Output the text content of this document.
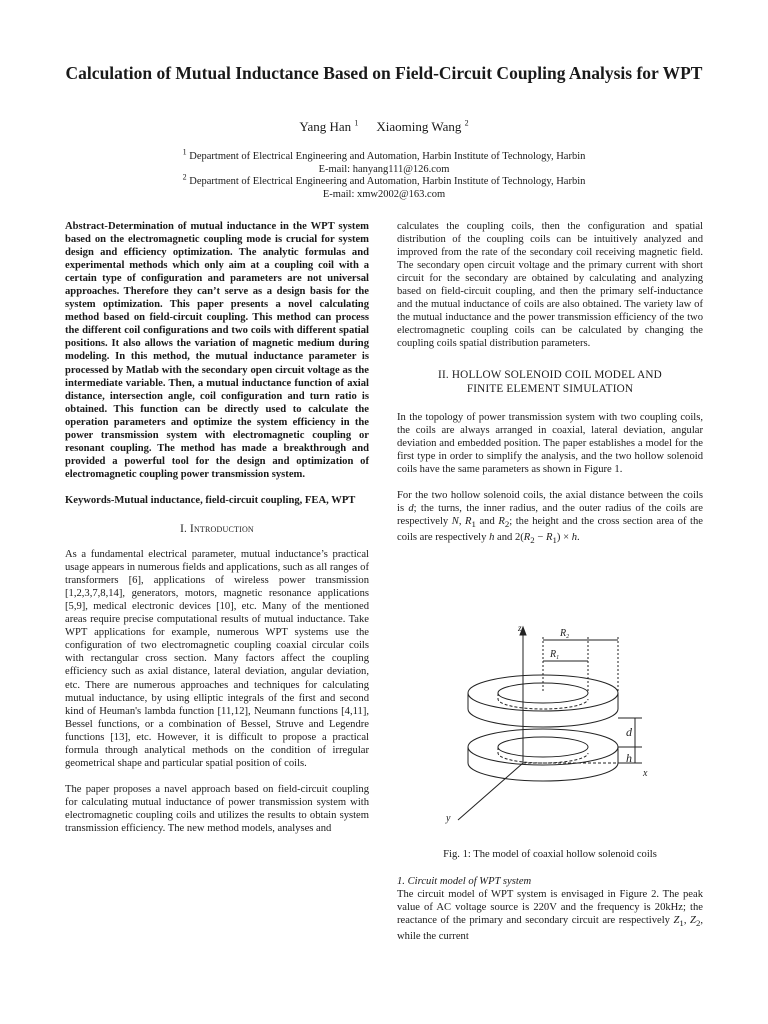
Calculation of Mutual Inductance Based on Field-Circuit Coupling Analysis for WPT
Yang Han $^1$ Xiaoming Wang $^2$
$^1$ Department of Electrical Engineering and Automation, Harbin Institute of Technology, Harbin
E-mail: hanyang111@126.com
$^2$ Department of Electrical Engineering and Automation, Harbin Institute of Technology, Harbin
E-mail: xmw2002@163.com

Abstract-Determination of mutual inductance in the WPT system based on the electromagnetic coupling mode is crucial for system design and efficiency optimization. The analytic formulas and experimental methods which only aim at a coupling coil with a certain type of configuration and parameters are not universal approaches. Therefore they can’t serve as a design basis for the system optimization. This paper presents a novel calculating method based on field-circuit coupling. This method can process the different coil configurations and two coils with different spatial positions. It also allows the variation of magnetic medium during modeling. In this method, the mutual inductance parameter is processed by Matlab with the secondary open circuit voltage as the intermediate variable. Then, a mutual inductance function of axial distance, intersection angle, coil configuration and turn ratio is obtained. This function can be directly used to calculate the operation parameters and optimize the system efficiency in the power transmission system with electromagnetic coupling or resonant coupling. The method has made a breakthrough and provided a powerful tool for the design and optimization of electromagnetic coupling power transmission system.

Keywords-Mutual inductance, field-circuit coupling, FEA, WPT

I. Introduction

As a fundamental electrical parameter, mutual inductance’s practical usage appears in numerous fields and applications, such as all ranges of transformers [6], applications of wireless power transmission [1,2,3,7,8,14], generators, motors, magnetic resonance applications [5,9], medical electronic devices [10], etc. Many of the mentioned areas require precise computational results of mutual inductance. Take WPT applications for example, numerous WPT systems use the configuration of two electromagnetic coupling coaxial circular coils with rectangular cross section. Many factors affect the coupling efficiency such as axial distance, lateral deviation, angular deviation, etc. There are numerous approaches and techniques for calculating mutual inductance, by using elliptic integrals of the first and second kind of Heuman's lambda function [11,12], Neumann functions [4,11], Bessel functions, or a combination of Bessel, Struve and Legendre functions [13], etc. However, it is difficult to propose a practical formula through analytical methods on the condition of irregular geometrical shape and particular spatial position of coils.

The paper proposes a navel approach based on field-circuit coupling for calculating mutual inductance of power transmission system with electromagnetic coupling coils and utilizes the results to obtain system transmission efficiency. The new method models, analyses and

calculates the coupling coils, then the configuration and spatial distribution of the coupling coils can be intuitively analyzed and improved from the rate of the secondary coil receiving magnetic field. The secondary open circuit voltage and the primary current with short circuit for the secondary are obtained by calculating and analyzing based on field-circuit coupling, and then the primary self-inductance and the mutual inductance of coils are also obtained. The variety law of the mutual inductance and the power transmission efficiency of the two electromagnetic coupling coils can be calculated by changing the coupling coils spatial distribution parameters.

II. HOLLOW SOLENOID COIL MODEL AND
FINITE ELEMENT SIMULATION

In the topology of power transmission system with two coupling coils, the coils are always arranged in coaxial, lateral deviation, angular deviation and embedded position. The paper establishes a model for the first type in order to simplify the analysis, and the two hollow solenoid coils have the same parameters as shown in Figure 1.

For the two hollow solenoid coils, the axial distance between the coils is d; the turns, the inner radius, and the outer radius of the coils are respectively N, $R_1$ and $R_2$; the height and the cross section area of the coils are respectively h and $2(R_2 - R_1) \times h$.

z
x
y
$R_2$
$R_1$
d
h

Fig. 1: The model of coaxial hollow solenoid coils

1. Circuit model of WPT system

The circuit model of WPT system is envisaged in Figure 2. The peak value of AC voltage source is 220V and the frequency is 20kHz; the reactance of the primary and secondary circuit are respectively $Z_1$, $Z_2$, while the current
